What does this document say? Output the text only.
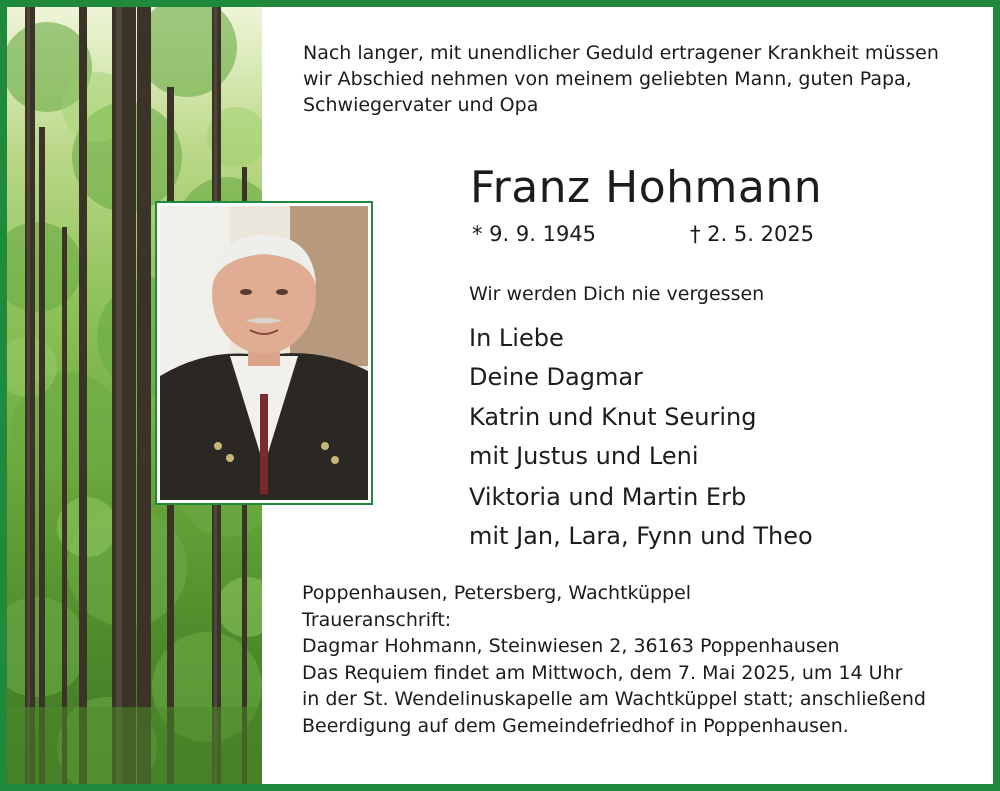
Nach langer, mit unendlicher Geduld ertragener Krankheit müssen
wir Abschied nehmen von meinem geliebten Mann, guten Papa,
Schwiegervater und Opa
Franz Hohmann
* 9. 9. 1945	† 2. 5. 2025
Wir werden Dich nie vergessen
In Liebe
Deine Dagmar
Katrin und Knut Seuring
mit Justus und Leni
Viktoria und Martin Erb
mit Jan, Lara, Fynn und Theo
Poppenhausen, Petersberg, Wachtküppel
Traueranschrift:
Dagmar Hohmann, Steinwiesen 2, 36163 Poppenhausen
Das Requiem findet am Mittwoch, dem 7. Mai 2025, um 14 Uhr
in der St. Wendelinuskapelle am Wachtküppel statt; anschließend
Beerdigung auf dem Gemeindefriedhof in Poppenhausen.
